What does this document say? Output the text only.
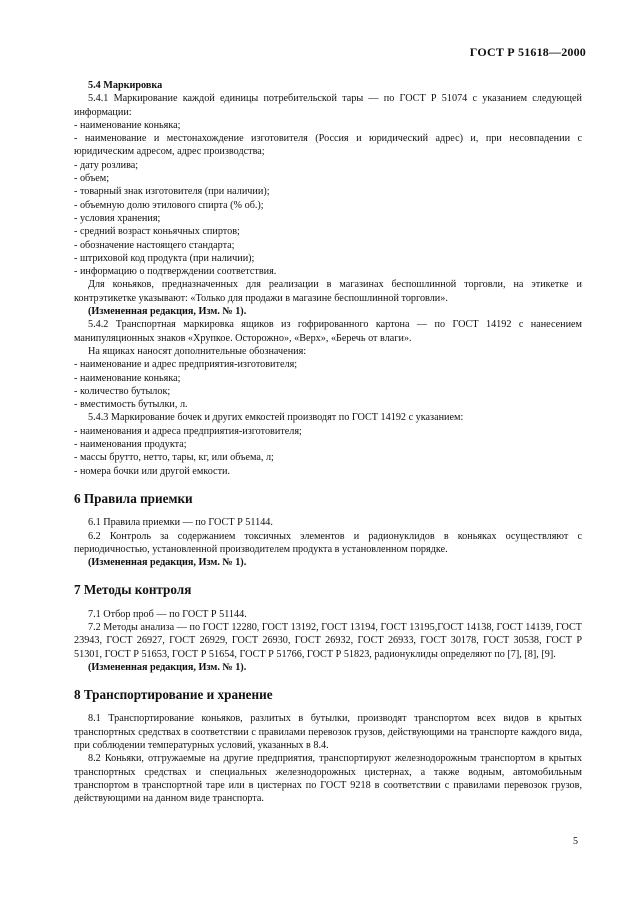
ГОСТ Р 51618—2000

5.4 Маркировка

5.4.1 Маркирование каждой единицы потребительской тары — по ГОСТ Р 51074 с указанием следующей информации:

- наименование коньяка;

- наименование и местонахождение изготовителя (Россия и юридический адрес) и, при несовпадении с юридическим адресом, адрес производства;

- дату розлива;

- объем;

- товарный знак изготовителя (при наличии);

- объемную долю этилового спирта (% об.);

- условия хранения;

- средний возраст коньячных спиртов;

- обозначение настоящего стандарта;

- штриховой код продукта (при наличии);

- информацию о подтверждении соответствия.

Для коньяков, предназначенных для реализации в магазинах беспошлинной торговли, на этикетке и контрэтикетке указывают: «Только для продажи в магазине беспошлинной торговли».

(Измененная редакция, Изм. № 1).

5.4.2 Транспортная маркировка ящиков из гофрированного картона — по ГОСТ 14192 с нанесением манипуляционных знаков «Хрупкое. Осторожно», «Верх», «Беречь от влаги».

На ящиках наносят дополнительные обозначения:

- наименование и адрес предприятия-изготовителя;

- наименование коньяка;

- количество бутылок;

- вместимость бутылки, л.

5.4.3 Маркирование бочек и других емкостей производят по ГОСТ 14192 с указанием:

- наименования и адреса предприятия-изготовителя;

- наименования продукта;

- массы брутто, нетто, тары, кг, или объема, л;

- номера бочки или другой емкости.

6 Правила приемки

6.1 Правила приемки — по ГОСТ Р 51144.

6.2 Контроль за содержанием токсичных элементов и радионуклидов в коньяках осуществляют с периодичностью, установленной производителем продукта в установленном порядке.

(Измененная редакция, Изм. № 1).

7 Методы контроля

7.1 Отбор проб — по ГОСТ Р 51144.

7.2 Методы анализа — по ГОСТ 12280, ГОСТ 13192, ГОСТ 13194, ГОСТ 13195,ГОСТ 14138, ГОСТ 14139, ГОСТ 23943, ГОСТ 26927, ГОСТ 26929, ГОСТ 26930, ГОСТ 26932, ГОСТ 26933, ГОСТ 30178, ГОСТ 30538, ГОСТ Р 51301, ГОСТ Р 51653, ГОСТ Р 51654, ГОСТ Р 51766, ГОСТ Р 51823, радионуклиды определяют по [7], [8], [9].

(Измененная редакция, Изм. № 1).

8 Транспортирование и хранение

8.1 Транспортирование коньяков, разлитых в бутылки, производят транспортом всех видов в крытых транспортных средствах в соответствии с правилами перевозок грузов, действующими на транспорте каждого вида, при соблюдении температурных условий, указанных в 8.4.

8.2 Коньяки, отгружаемые на другие предприятия, транспортируют железнодорожным транспортом в крытых транспортных средствах и специальных железнодорожных цистернах, а также водным, автомобильным транспортом в транспортной таре или в цистернах по ГОСТ 9218 в соответствии с правилами перевозок грузов, действующими на данном виде транспорта.

5
